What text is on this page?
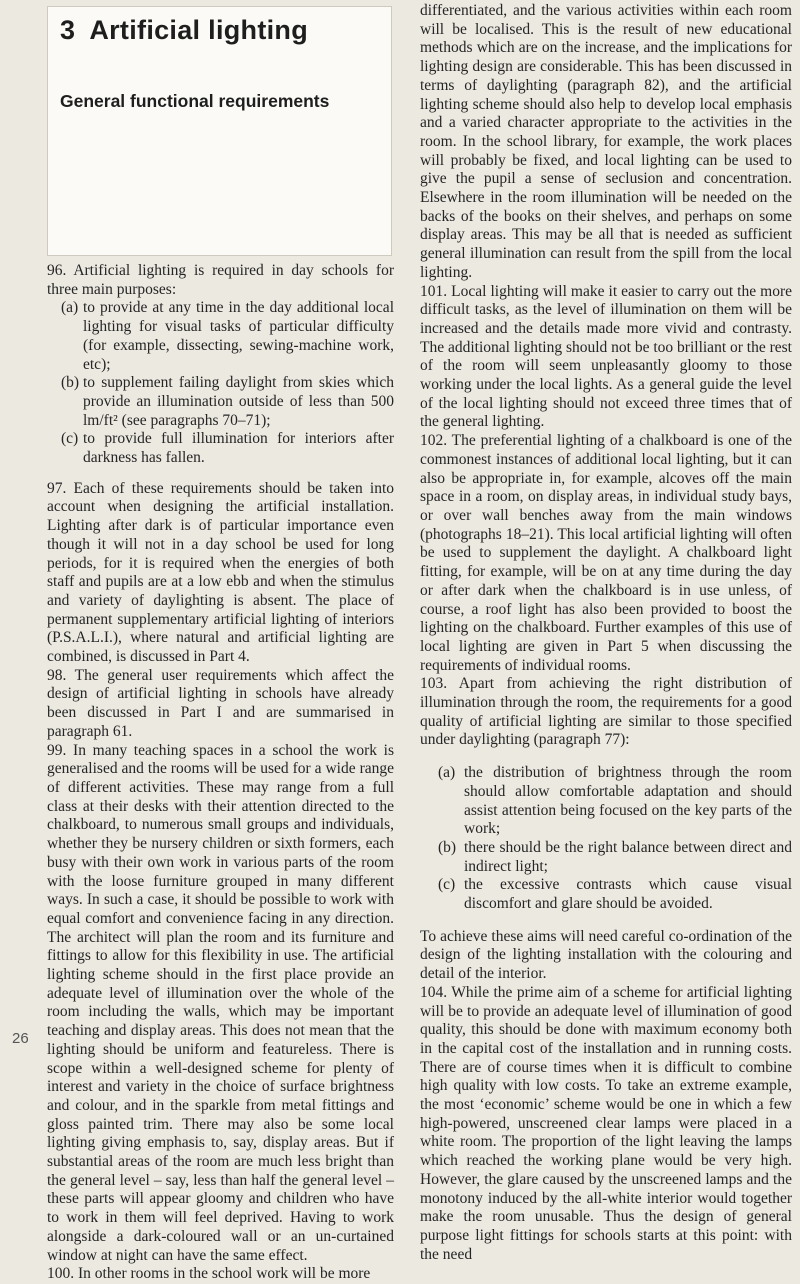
26
3 Artificial lighting
General functional requirements

96. Artificial lighting is required in day schools for three main purposes:

(a) to provide at any time in the day additional local lighting for visual tasks of particular difficulty (for example, dissecting, sewing-machine work, etc);
(b) to supplement failing daylight from skies which provide an illumination outside of less than 500 lm/ft² (see paragraphs 70–71);
(c) to provide full illumination for interiors after darkness has fallen.

97. Each of these requirements should be taken into account when designing the artificial installation. Lighting after dark is of particular importance even though it will not in a day school be used for long periods, for it is required when the energies of both staff and pupils are at a low ebb and when the stimulus and variety of daylighting is absent. The place of permanent supplementary artificial lighting of interiors (P.S.A.L.I.), where natural and artificial lighting are combined, is discussed in Part 4.

98. The general user requirements which affect the design of artificial lighting in schools have already been discussed in Part I and are summarised in paragraph 61.

99. In many teaching spaces in a school the work is generalised and the rooms will be used for a wide range of different activities. These may range from a full class at their desks with their attention directed to the chalkboard, to numerous small groups and individuals, whether they be nursery children or sixth formers, each busy with their own work in various parts of the room with the loose furniture grouped in many different ways. In such a case, it should be possible to work with equal comfort and convenience facing in any direction. The architect will plan the room and its furniture and fittings to allow for this flexibility in use. The artificial lighting scheme should in the first place provide an adequate level of illumination over the whole of the room including the walls, which may be important teaching and display areas. This does not mean that the lighting should be uniform and featureless. There is scope within a well-designed scheme for plenty of interest and variety in the choice of surface brightness and colour, and in the sparkle from metal fittings and gloss painted trim. There may also be some local lighting giving emphasis to, say, display areas. But if substantial areas of the room are much less bright than the general level – say, less than half the general level – these parts will appear gloomy and children who have to work in them will feel deprived. Having to work alongside a dark-coloured wall or an un-curtained window at night can have the same effect.

100. In other rooms in the school work will be more

differentiated, and the various activities within each room will be localised. This is the result of new educational methods which are on the increase, and the implications for lighting design are considerable. This has been discussed in terms of daylighting (paragraph 82), and the artificial lighting scheme should also help to develop local emphasis and a varied character appropriate to the activities in the room. In the school library, for example, the work places will probably be fixed, and local lighting can be used to give the pupil a sense of seclusion and concentration. Elsewhere in the room illumination will be needed on the backs of the books on their shelves, and perhaps on some display areas. This may be all that is needed as sufficient general illumination can result from the spill from the local lighting.

101. Local lighting will make it easier to carry out the more difficult tasks, as the level of illumination on them will be increased and the details made more vivid and contrasty. The additional lighting should not be too brilliant or the rest of the room will seem unpleasantly gloomy to those working under the local lights. As a general guide the level of the local lighting should not exceed three times that of the general lighting.

102. The preferential lighting of a chalkboard is one of the commonest instances of additional local lighting, but it can also be appropriate in, for example, alcoves off the main space in a room, on display areas, in individual study bays, or over wall benches away from the main windows (photographs 18–21). This local artificial lighting will often be used to supplement the daylight. A chalkboard light fitting, for example, will be on at any time during the day or after dark when the chalkboard is in use unless, of course, a roof light has also been provided to boost the lighting on the chalkboard. Further examples of this use of local lighting are given in Part 5 when discussing the requirements of individual rooms.

103. Apart from achieving the right distribution of illumination through the room, the requirements for a good quality of artificial lighting are similar to those specified under daylighting (paragraph 77):

(a) the distribution of brightness through the room should allow comfortable adaptation and should assist attention being focused on the key parts of the work;
(b) there should be the right balance between direct and indirect light;
(c) the excessive contrasts which cause visual discomfort and glare should be avoided.

To achieve these aims will need careful co-ordination of the design of the lighting installation with the colouring and detail of the interior.

104. While the prime aim of a scheme for artificial lighting will be to provide an adequate level of illumination of good quality, this should be done with maximum economy both in the capital cost of the installation and in running costs. There are of course times when it is difficult to combine high quality with low costs. To take an extreme example, the most ‘economic’ scheme would be one in which a few high-powered, unscreened clear lamps were placed in a white room. The proportion of the light leaving the lamps which reached the working plane would be very high. However, the glare caused by the unscreened lamps and the monotony induced by the all-white interior would together make the room unusable. Thus the design of general purpose light fittings for schools starts at this point: with the need
